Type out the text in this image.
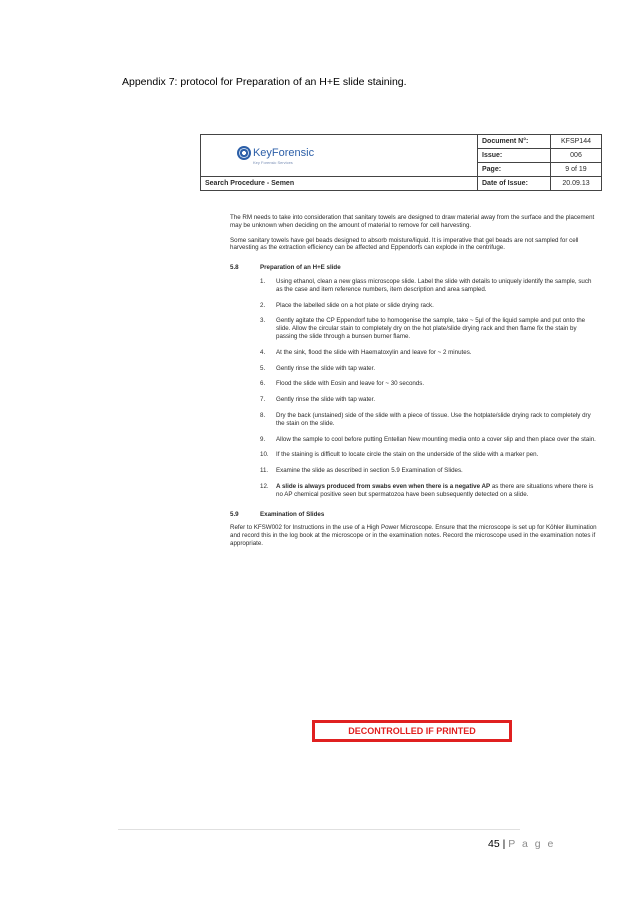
Appendix 7: protocol for Preparation of an H+E slide staining.
KeyForensic
Key Forensic Services	Document N°:	KFSP144
	Issue:	006
	Page:	9 of 19
Search Procedure - Semen	Date of Issue:	20.09.13

The RM needs to take into consideration that sanitary towels are designed to draw material away from the surface and the placement may be unknown when deciding on the amount of material to remove for cell harvesting.

Some sanitary towels have gel beads designed to absorb moisture/liquid. It is imperative that gel beads are not sampled for cell harvesting as the extraction efficiency can be affected and Eppendorfs can explode in the centrifuge.

5.8	Preparation of an H+E slide
1. Using ethanol, clean a new glass microscope slide. Label the slide with details to uniquely identify the sample, such as the case and item reference numbers, item description and area sampled.
2. Place the labelled slide on a hot plate or slide drying rack.
3. Gently agitate the CP Eppendorf tube to homogenise the sample, take ~ 5µl of the liquid sample and put onto the slide. Allow the circular stain to completely dry on the hot plate/slide drying rack and then flame fix the stain by passing the slide through a bunsen burner flame.
4. At the sink, flood the slide with Haematoxylin and leave for ~ 2 minutes.
5. Gently rinse the slide with tap water.
6. Flood the slide with Eosin and leave for ~ 30 seconds.
7. Gently rinse the slide with tap water.
8. Dry the back (unstained) side of the slide with a piece of tissue. Use the hotplate/slide drying rack to completely dry the stain on the slide.
9. Allow the sample to cool before putting Entellan New mounting media onto a cover slip and then place over the stain.
10. If the staining is difficult to locate circle the stain on the underside of the slide with a marker pen.
11. Examine the slide as described in section 5.9 Examination of Slides.
12. A slide is always produced from swabs even when there is a negative AP as there are situations where there is no AP chemical positive seen but spermatozoa have been subsequently detected on a slide.
5.9	Examination of Slides

Refer to KFSW002 for Instructions in the use of a High Power Microscope. Ensure that the microscope is set up for Köhler illumination and record this in the log book at the microscope or in the examination notes. Record the microscope used in the examination notes if appropriate.

DECONTROLLED IF PRINTED
45 | P a g e
